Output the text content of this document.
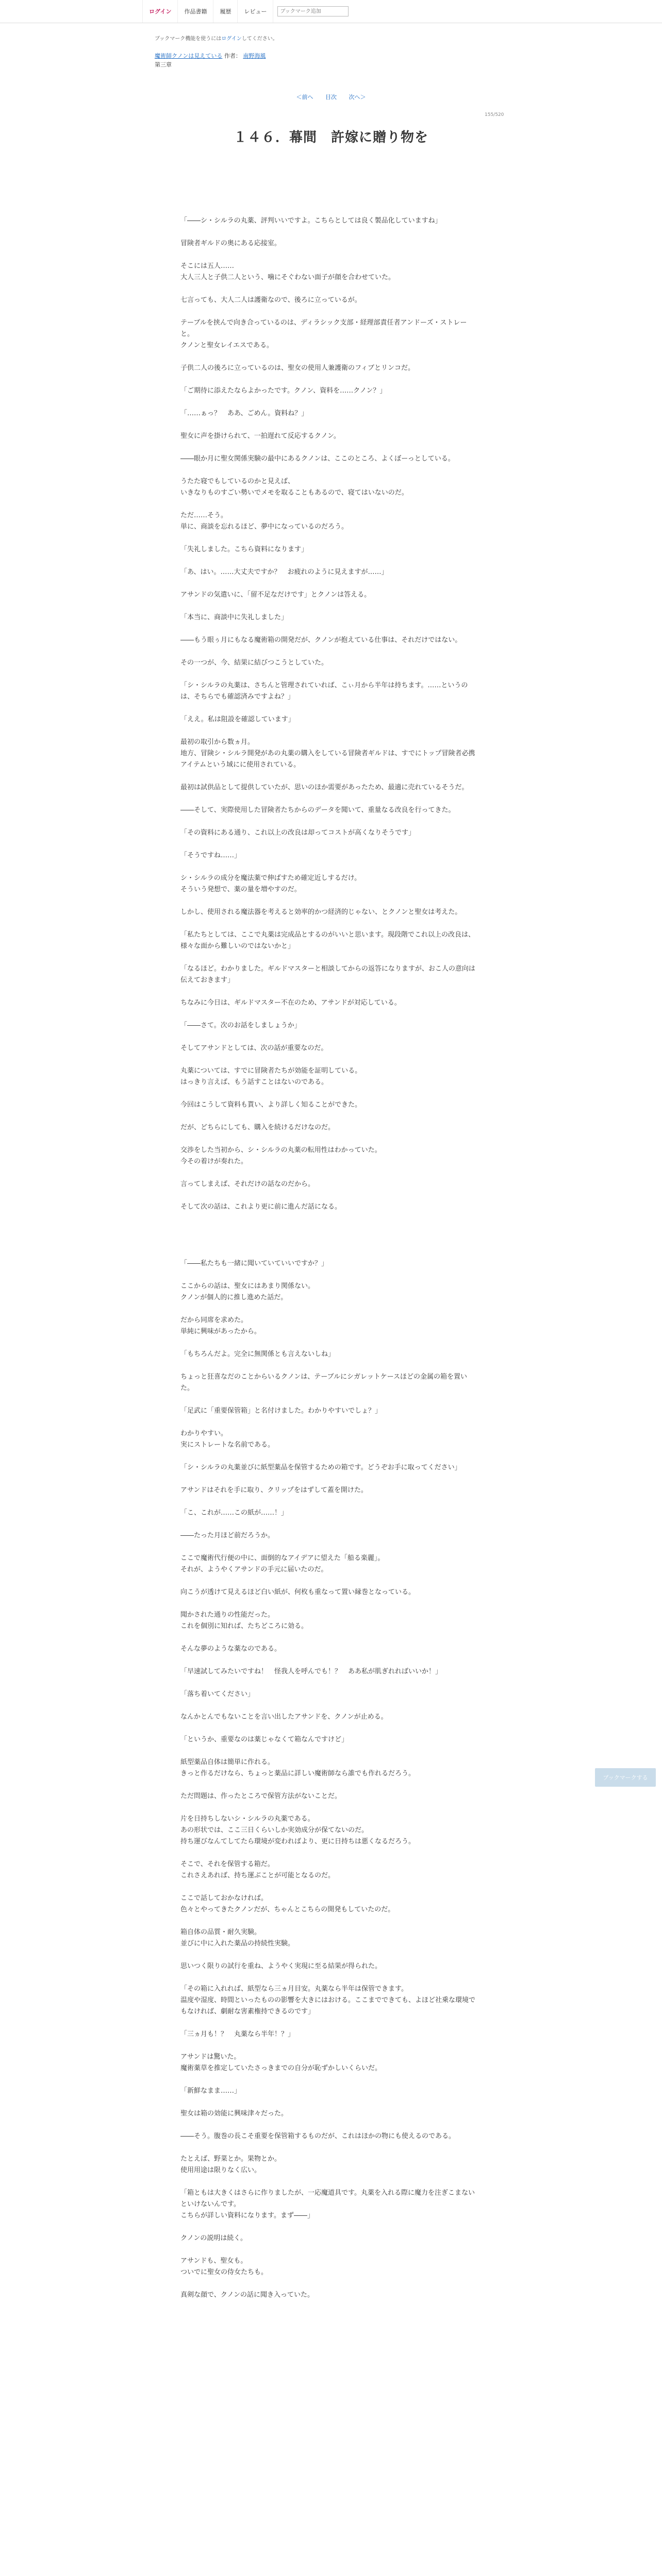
ログイン	作品書籍	履歴	レビュー
ブックマーク追加
ブックマーク機能を使うにはログインしてください。
魔術師クノンは見えている 作者： 南野海風
第三章
＜前へ 目次 次へ＞
155/520
１４６．幕間　許嫁に贈り物を

「――シ・シルラの丸薬、評判いいですよ。こちらとしては良く製品化していますね」

冒険者ギルドの奥にある応接室。

そこには五人……

大人三人と子供二人という、噛にそぐわない面子が顔を合わせていた。

七言っても、大人二人は護衛なので、後ろに立っているが。

テーブルを挟んで向き合っているのは、ディラシック支部・経理部責任者アンドーズ・ストレーと。

クノンと聖女レイエスである。

子供二人の後ろに立っているのは、聖女の使用人兼護衛のフィブとリンコだ。

「ご期待に添えたならよかったです。クノン、資料を……クノン？」

「……ぁっ？　ああ、ごめん。資料ね？」

聖女に声を掛けられて、一拍遅れて反応するクノン。

――眼か月に聖女関係実験の最中にあるクノンは、ここのところ、よくぼーっとしている。

うたた寝でもしているのかと見えば、

いきなりものすごい勢いでメモを取ることもあるので、寝てはいないのだ。

ただ……そう。

単に、商談を忘れるほど、夢中になっているのだろう。

「失礼しました。こちら資料になります」

「あ、はい。……大丈夫ですか？　お疲れのように見えますが……」

アサンドの気遣いに、「留不足なだけです」とクノンは答える。

「本当に、商談中に失礼しました」

――もう眼ぅ月にもなる魔術箱の開発だが、クノンが抱えている仕事は、それだけではない。

その一つが、今、結果に結びつこうとしていた。

「シ・シルラの丸薬は、さちんと管理されていれば、こぃ月から半年は持ちます。……というのは、そちらでも確認済みですよね？」

「ええ。私は阻設を確認しています」

最初の取引から数ヵ月。

地方、冒険シ・シルラ開発があの丸薬の購入をしている冒険者ギルドは、すでにトップ冒険者必携アイテムという域にに使用されている。

最初は試供品として提供していたが、思いのほか需要があったため、最適に売れているそうだ。

――そして、実際使用した冒険者たちからのデータを聞いて、重量なる改良を行ってきた。

「その資料にある通り、これ以上の改良は却ってコストが高くなりそうです」

「そうですね……」

シ・シルラの成分を魔法薬で伸ばすため確定近しするだけ。

そういう発想で、薬の量を増やすのだ。

しかし、使用される魔法器を考えると効率的かつ経済的じゃない、とクノンと聖女は考えた。

「私たちとしては、ここで丸薬は完成品とするのがいいと思います。現段階でこれ以上の改良は、様々な面から難しいのではないかと」

「なるほど。わかりました。ギルドマスターと相談してからの返答になりますが、おこ人の意向は伝えておきます」

ちなみに今日は、ギルドマスター不在のため、アサンドが対応している。

「――さて。次のお話をしましょうか」

そしてアサンドとしては、次の話が重要なのだ。

丸薬については、すでに冒険者たちが効能を証明している。

はっきり言えば、もう話すことはないのである。

今回はこうして資料も貰い、より詳しく知ることができた。

だが、どちらにしても、購入を続けるだけなのだ。

交渉をした当初から、シ・シルラの丸薬の転用性はわかっていた。

今その着けが奏れた。

言ってしまえば、それだけの話なのだから。

そして次の話は、これより更に前に進んだ話になる。

「――私たちも一緒に聞いていていいですか？」

ここからの話は、聖女にはあまり関係ない。

クノンが個人的に推し進めた話だ。

だから同席を求めた。

単純に興味があったから。

「もちろんだよ。完全に無関係とも言えないしね」

ちょっと狂喜なだのことからいるクノンは、テーブルにシガレットケースほどの金属の箱を置いた。

「足武に「重要保管箱」と名付けました。わかりやすいでしょ？」

わかりやすい。

実にストレートな名前である。

「シ・シルラの丸薬並びに紙型薬品を保管するための箱です。どうぞお手に取ってください」

アサンドはそれを手に取り、クリップをはずして蓋を開けた。

「こ、これが……この紙が……！」

――たった月ほど前だろうか。

ここで魔術代行便の中に、面倒的なアイデアに望えた「船る楽麗」。

それが、ようやくアサンドの手元に届いたのだ。

向こうが透けて見えるほど白い紙が、何枚も重なって置い縁巻となっている。

聞かされた通りの性能だった。

これを個別に知れば、たちどころに効る。

そんな夢のような薬なのである。

「早速試してみたいですね！　怪我人を呼んでも！？　ああ私が肌ぎれればいいか！」

「落ち着いてください」

なんかとんでもないことを言い出したアサンドを、クノンが止める。

「というか、重要なのは薬じゃなくて箱なんですけど」

紙型薬品自体は簡単に作れる。

きっと作るだけなら、ちょっと薬品に詳しい魔術師なら誰でも作れるだろう。

ただ問題は、作ったところで保管方法がないことだ。

片を日持ちしないシ・シルラの丸薬である。

あの形状では、ここ三日くらいしか実効成分が保てないのだ。

持ち運びなんてしてたら環境が変わればより、更に日持ちは悪くなるだろう。

そこで、それを保管する箱だ。

これさえあれば、持ち運ぶことが可能となるのだ。

ここで話しておかなければ。

色々とやってきたクノンだが、ちゃんとこちらの開発もしていたのだ。

箱自体の品質・耐久実験。

並びに中に入れた薬品の持続性実験。

思いつく限りの試行を重ね、ようやく実現に至る結果が得られた。

「その箱に入れれば、紙型なら三ヵ月目安。丸薬なら半年は保管できます。

温度や湿度、時間といったものの影響を大きにはおける。ここまでできても、よほど社乗な環境でもなければ、劇耐な害素権持できるのです」

「三ヵ月も！？　丸薬なら半年！？」

アサンドは驚いた。

魔術薬草を推定していたさっきまでの自分が恥ずかしいくらいだ。

「新鮮なまま……」

聖女は箱の効能に興味津々だった。

――そう。腹巻の長こそ重要を保管箱するものだが、これはほかの物にも使えるのである。

たとえば、野菜とか。果物とか。

使用用途は限りなく広い。

「箱ともは大きくはさらに作りましたが、一応魔道具です。丸薬を入れる際に魔力を注ぎこまないといけないんです。

こちらが詳しい資料になります。まず――」

クノンの説明は続く。

アサンドも、聖女も。

ついでに聖女の侍女たちも。

真剣な顔で、クノンの話に聞き入っていた。

ブックマークする
